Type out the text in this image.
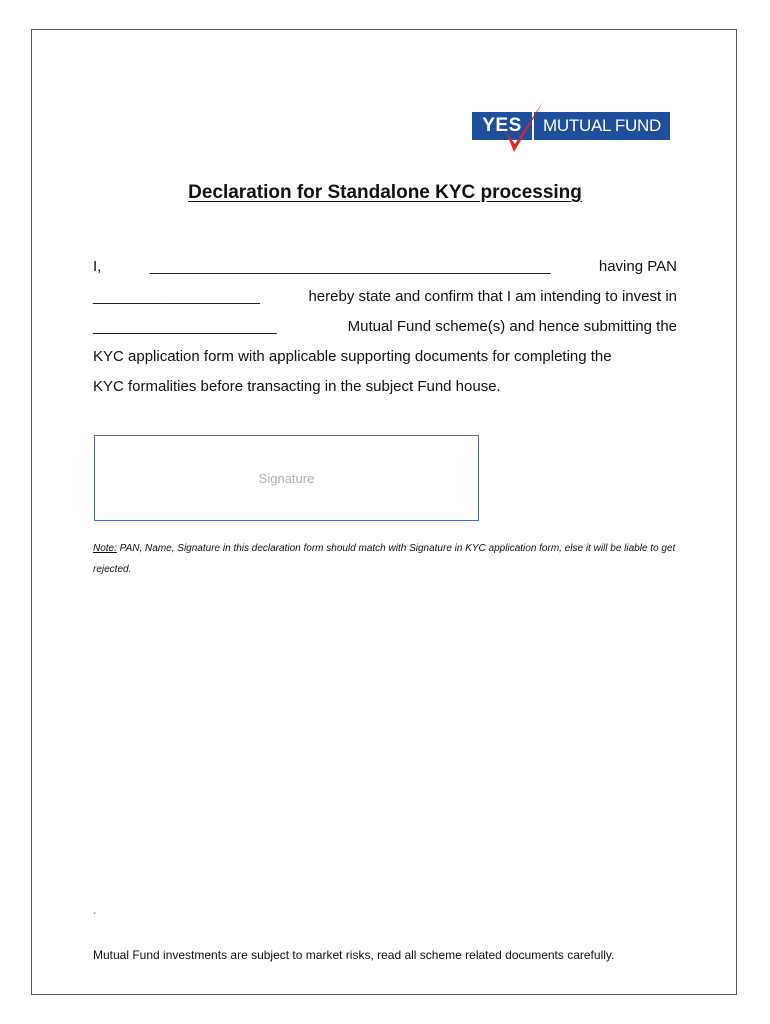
YES	MUTUAL FUND
Declaration for Standalone KYC processing
I,	________________________________________________	having PAN
____________________	hereby state and confirm that I am intending to invest in
______________________	Mutual Fund scheme(s) and hence submitting the
KYC application form with applicable supporting documents for completing the
KYC formalities before transacting in the subject Fund house.
Signature
Note: PAN, Name, Signature in this declaration form should match with Signature in KYC application form, else it will be liable to get rejected.
`
Mutual Fund investments are subject to market risks, read all scheme related documents carefully.
